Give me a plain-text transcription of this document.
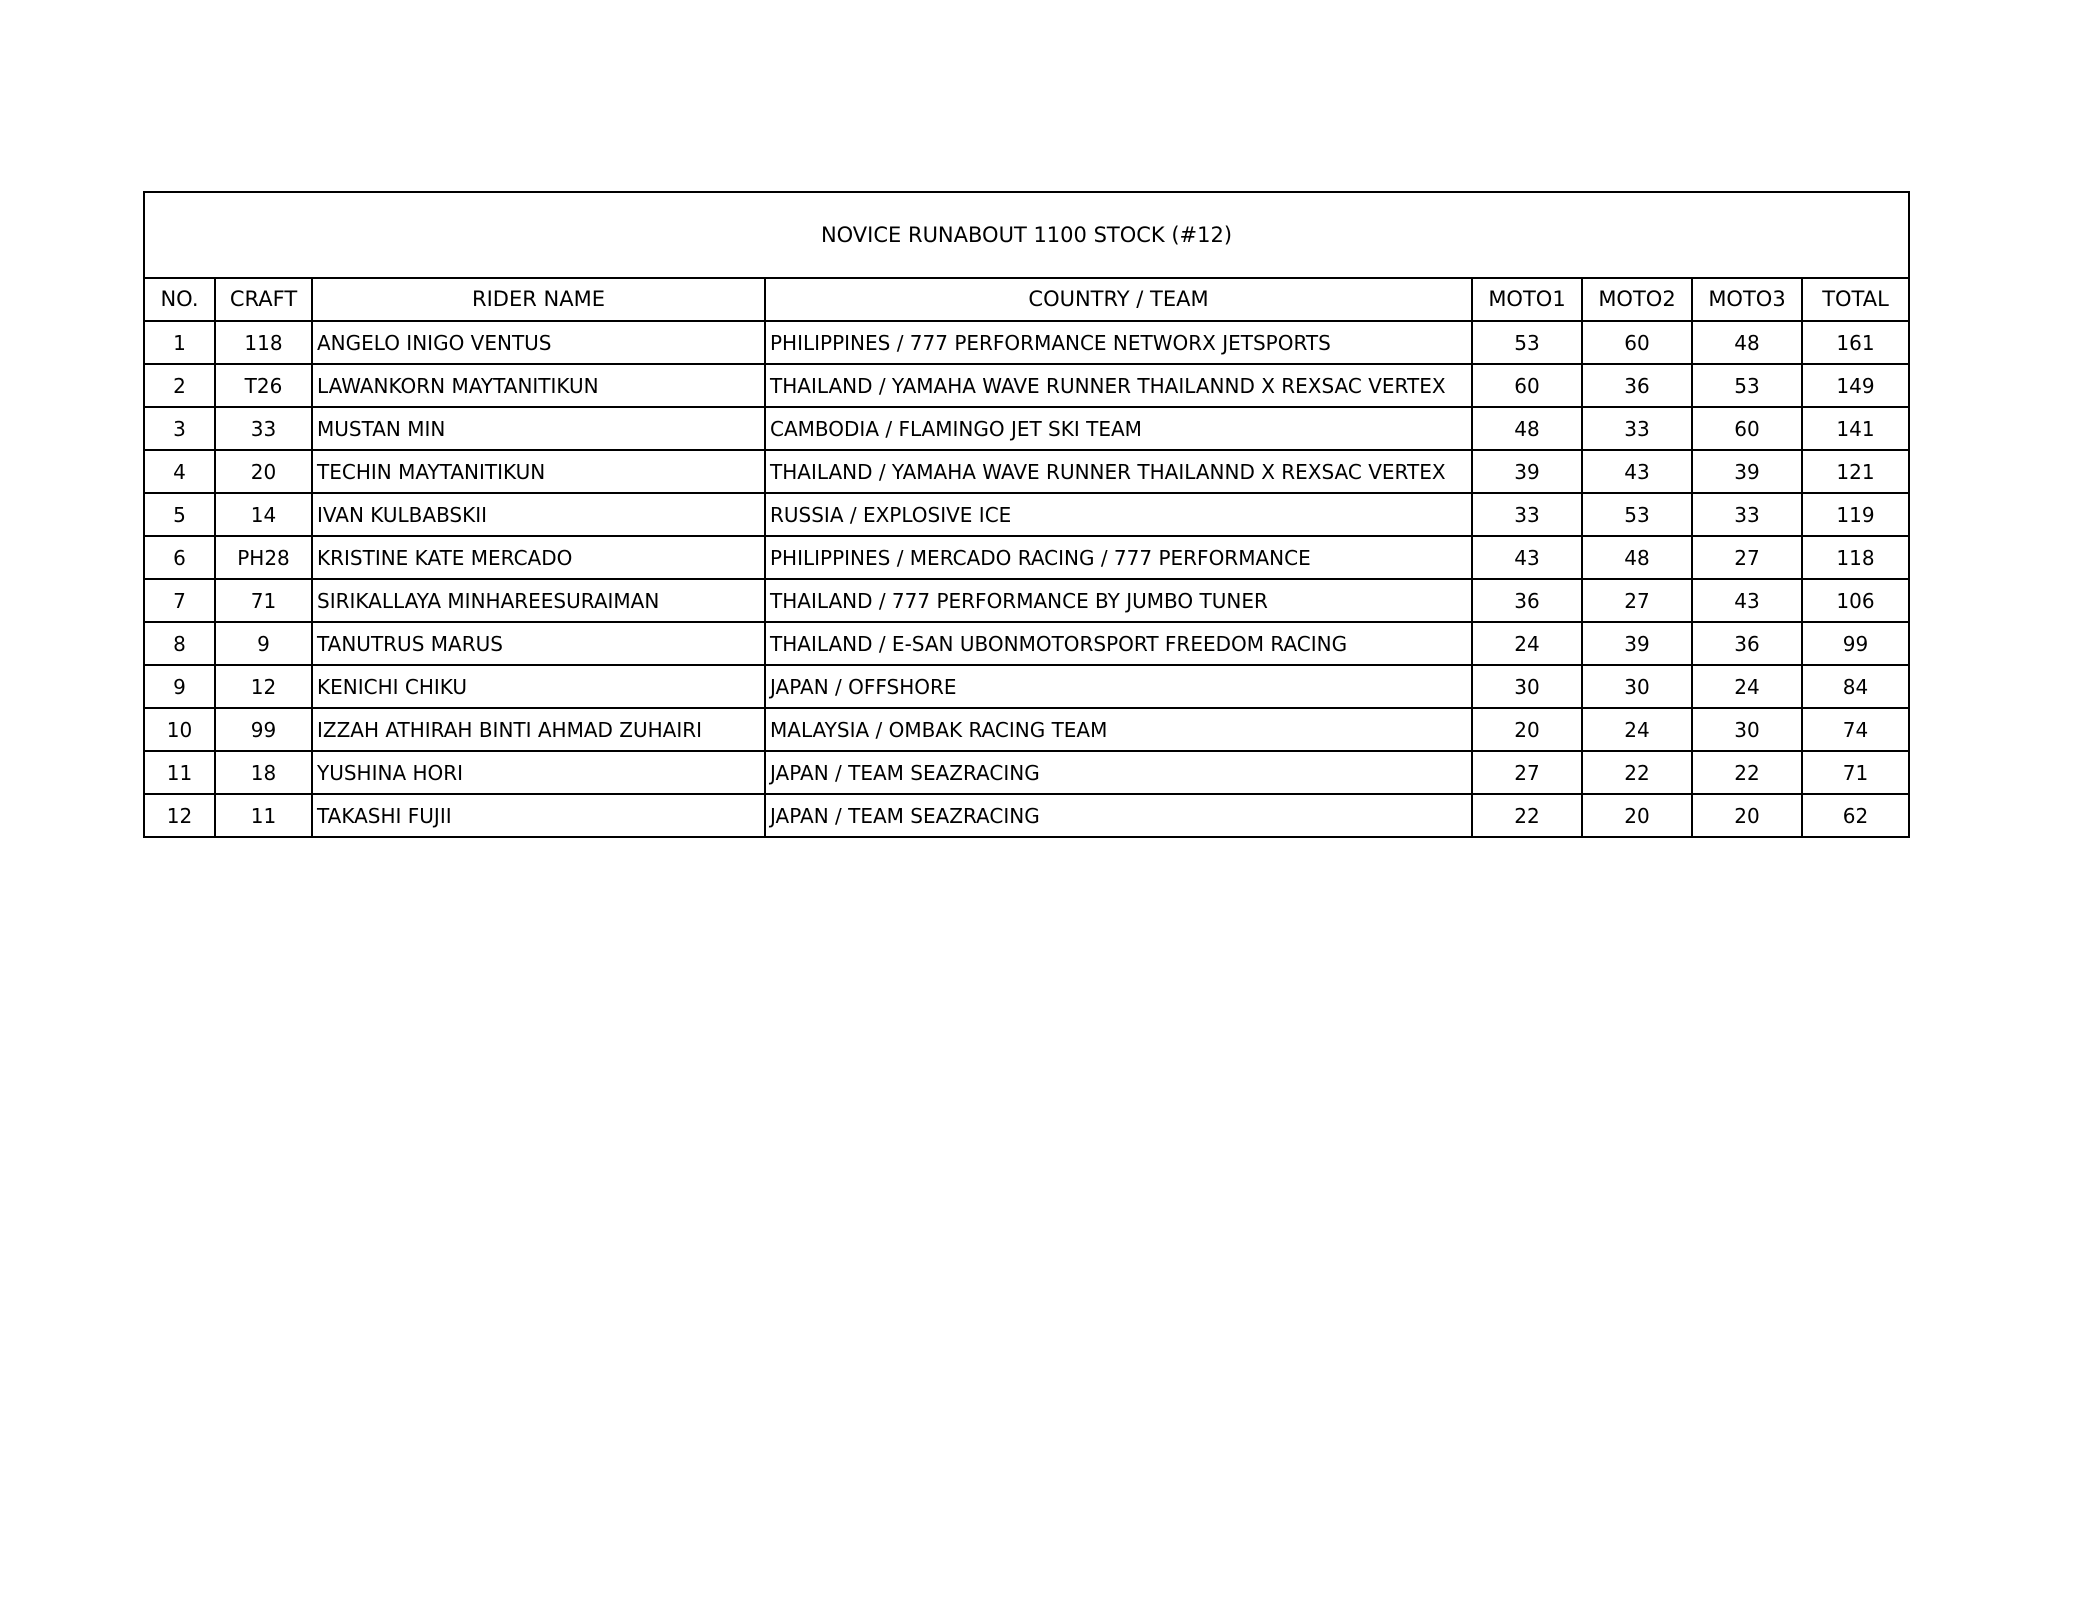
NOVICE RUNABOUT 1100 STOCK (#12)							
NO.	CRAFT	RIDER NAME	COUNTRY / TEAM	MOTO1	MOTO2	MOTO3	TOTAL
1	118	ANGELO INIGO VENTUS	PHILIPPINES / 777 PERFORMANCE NETWORX JETSPORTS	53	60	48	161
2	T26	LAWANKORN MAYTANITIKUN	THAILAND / YAMAHA WAVE RUNNER THAILANND X REXSAC VERTEX	60	36	53	149
3	33	MUSTAN MIN	CAMBODIA / FLAMINGO JET SKI TEAM	48	33	60	141
4	20	TECHIN MAYTANITIKUN	THAILAND / YAMAHA WAVE RUNNER THAILANND X REXSAC VERTEX	39	43	39	121
5	14	IVAN KULBABSKII	RUSSIA / EXPLOSIVE ICE	33	53	33	119
6	PH28	KRISTINE KATE MERCADO	PHILIPPINES / MERCADO RACING / 777 PERFORMANCE	43	48	27	118
7	71	SIRIKALLAYA MINHAREESURAIMAN	THAILAND / 777 PERFORMANCE BY JUMBO TUNER	36	27	43	106
8	9	TANUTRUS MARUS	THAILAND / E-SAN UBONMOTORSPORT FREEDOM RACING	24	39	36	99
9	12	KENICHI CHIKU	JAPAN / OFFSHORE	30	30	24	84
10	99	IZZAH ATHIRAH BINTI AHMAD ZUHAIRI	MALAYSIA / OMBAK RACING TEAM	20	24	30	74
11	18	YUSHINA HORI	JAPAN / TEAM SEAZRACING	27	22	22	71
12	11	TAKASHI FUJII	JAPAN / TEAM SEAZRACING	22	20	20	62
